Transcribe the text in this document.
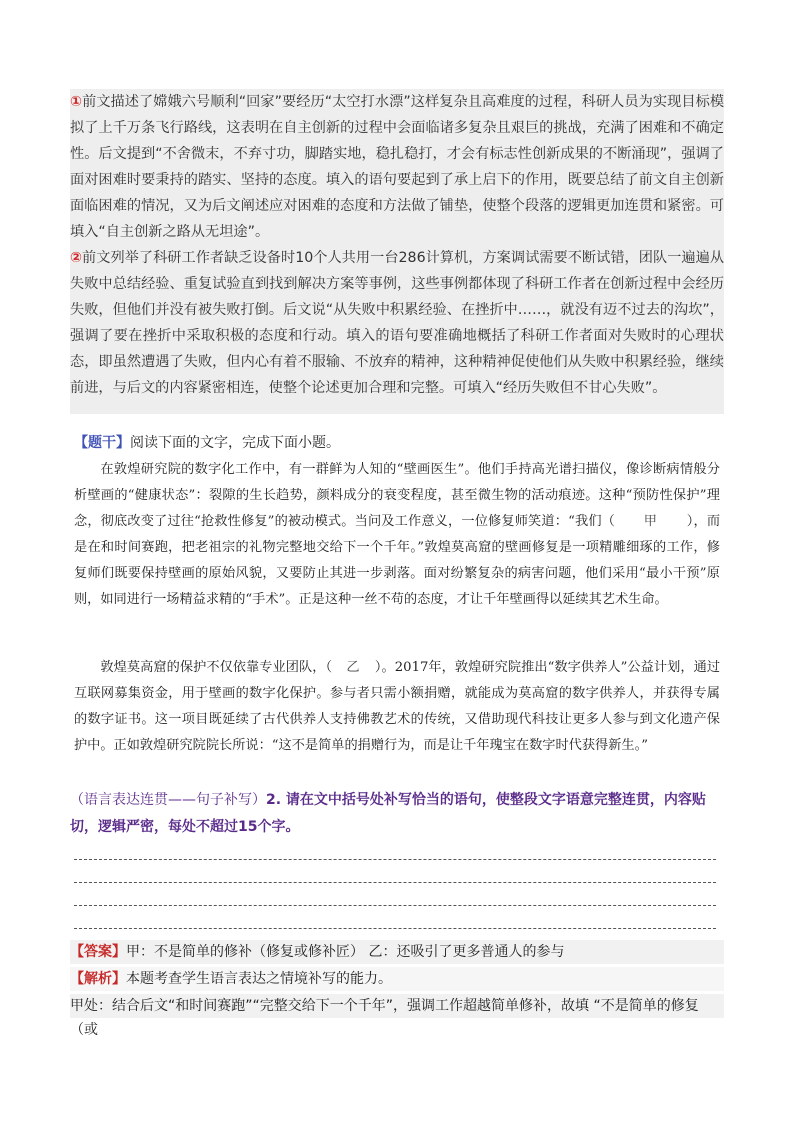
①前文描述了嫦娥六号顺利“回家”要经历“太空打水漂”这样复杂且高难度的过程，科研人员为实现目标模拟了上千万条飞行路线，这表明在自主创新的过程中会面临诸多复杂且艰巨的挑战，充满了困难和不确定性。后文提到“不舍微末，不弃寸功，脚踏实地，稳扎稳打，才会有标志性创新成果的不断涌现”，强调了面对困难时要秉持的踏实、坚持的态度。填入的语句要起到了承上启下的作用，既要总结了前文自主创新面临困难的情况，又为后文阐述应对困难的态度和方法做了铺垫，使整个段落的逻辑更加连贯和紧密。可填入“自主创新之路从无坦途”。

②前文列举了科研工作者缺乏设备时10个人共用一台286计算机，方案调试需要不断试错，团队一遍遍从失败中总结经验、重复试验直到找到解决方案等事例，这些事例都体现了科研工作者在创新过程中会经历失败，但他们并没有被失败打倒。后文说“从失败中积累经验、在挫折中……，就没有迈不过去的沟坎”，强调了要在挫折中采取积极的态度和行动。填入的语句要准确地概括了科研工作者面对失败时的心理状态，即虽然遭遇了失败，但内心有着不服输、不放弃的精神，这种精神促使他们从失败中积累经验，继续前进，与后文的内容紧密相连，使整个论述更加合理和完整。可填入“经历失败但不甘心失败”。

【题干】阅读下面的文字，完成下面小题。

在敦煌研究院的数字化工作中，有一群鲜为人知的“壁画医生”。他们手持高光谱扫描仪，像诊断病情般分析壁画的“健康状态”：裂隙的生长趋势，颜料成分的衰变程度，甚至微生物的活动痕迹。这种“预防性保护”理念，彻底改变了过往“抢救性修复”的被动模式。当问及工作意义，一位修复师笑道：“我们（　　 甲　　 ），而是在和时间赛跑，把老祖宗的礼物完整地交给下一个千年。”敦煌莫高窟的壁画修复是一项精雕细琢的工作，修复师们既要保持壁画的原始风貌，又要防止其进一步剥落。面对纷繁复杂的病害问题，他们采用“最小干预”原则，如同进行一场精益求精的“手术”。正是这种一丝不苟的态度，才让千年壁画得以延续其艺术生命。

敦煌莫高窟的保护不仅依靠专业团队，（　 乙　 ）。2017年，敦煌研究院推出“数字供养人”公益计划，通过互联网募集资金，用于壁画的数字化保护。参与者只需小额捐赠，就能成为莫高窟的数字供养人，并获得专属的数字证书。这一项目既延续了古代供养人支持佛教艺术的传统，又借助现代科技让更多人参与到文化遗产保护中。正如敦煌研究院院长所说：“这不是简单的捐赠行为，而是让千年瑰宝在数字时代获得新生。”

（语言表达连贯——句子补写）2. 请在文中括号处补写恰当的语句，使整段文字语意完整连贯，内容贴切，逻辑严密，每处不超过15个字。
【答案】甲：不是简单的修补（修复或修补匠） 乙：还吸引了更多普通人的参与
【解析】本题考查学生语言表达之情境补写的能力。
甲处：结合后文“和时间赛跑”“完整交给下一个千年”，强调工作超越简单修补，故填 “不是简单的修复（或
